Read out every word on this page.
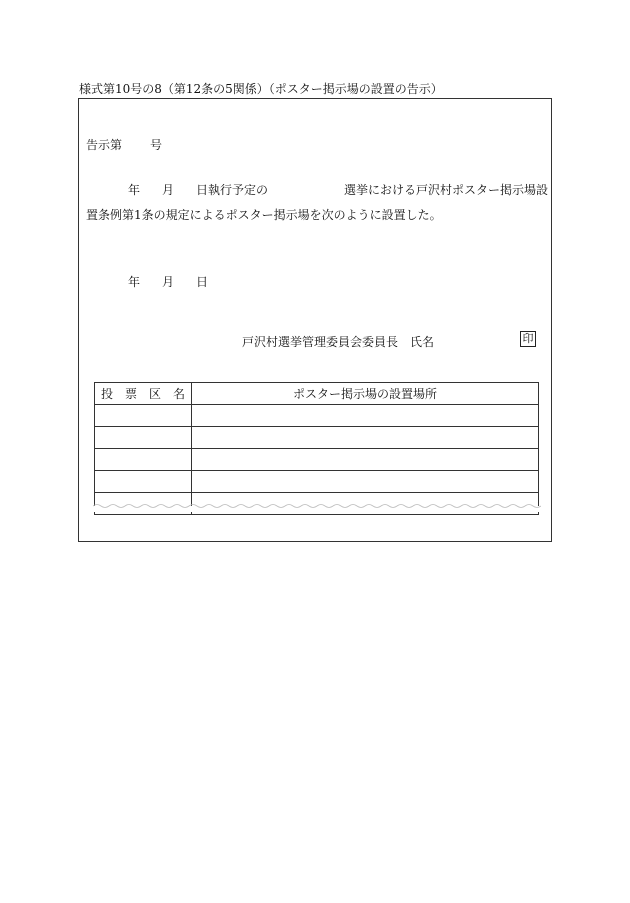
様式第10号の8（第12条の5関係）（ポスター掲示場の設置の告示）
告示第 号
年 月 日執行予定の	選挙における戸沢村ポスター掲示場設
置条例第1条の規定によるポスター掲示場を次のように設置した。
年 月 日
戸沢村選挙管理委員会委員長　氏名	印
投　票　区　名	ポスター掲示場の設置場所
